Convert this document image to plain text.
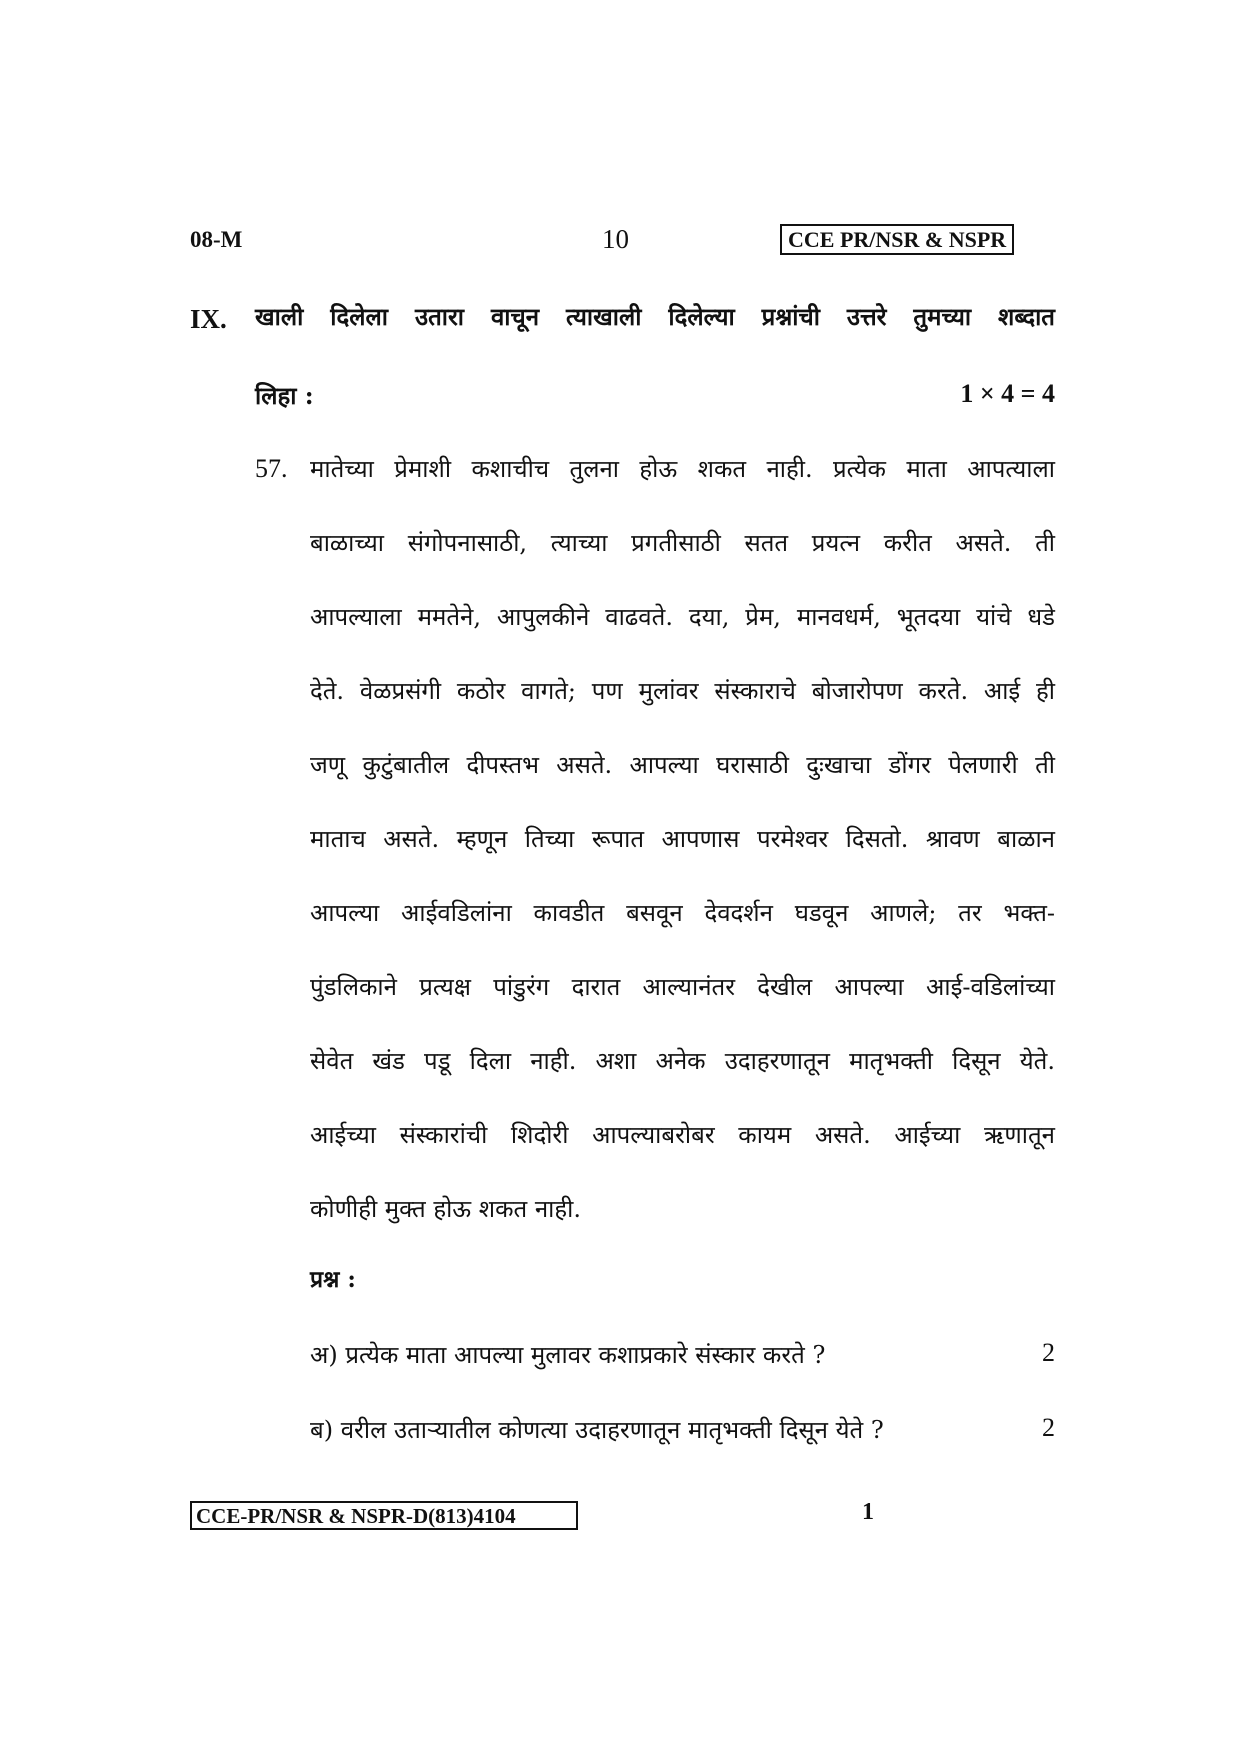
08-M	10	CCE PR/NSR & NSPR
IX. खाली दिलेला उतारा वाचून त्याखाली दिलेल्या प्रश्नांची उत्तरे तुमच्या शब्दात
लिहा :	1 × 4 = 4
57. मातेच्या प्रेमाशी कशाचीच तुलना होऊ शकत नाही. प्रत्येक माता आपत्याला
बाळाच्या संगोपनासाठी, त्याच्या प्रगतीसाठी सतत प्रयत्न करीत असते. ती
आपल्याला ममतेने, आपुलकीने वाढवते. दया, प्रेम, मानवधर्म, भूतदया यांचे धडे
देते. वेळप्रसंगी कठोर वागते; पण मुलांवर संस्काराचे बोजारोपण करते. आई ही
जणू कुटुंबातील दीपस्तभ असते. आपल्या घरासाठी दुःखाचा डोंगर पेलणारी ती
माताच असते. म्हणून तिच्या रूपात आपणास परमेश्वर दिसतो. श्रावण बाळान
आपल्या आईवडिलांना कावडीत बसवून देवदर्शन घडवून आणले; तर भक्त-
पुंडलिकाने प्रत्यक्ष पांडुरंग दारात आल्यानंतर देखील आपल्या आई-वडिलांच्या
सेवेत खंड पडू दिला नाही. अशा अनेक उदाहरणातून मातृभक्ती दिसून येते.
आईच्या संस्कारांची शिदोरी आपल्याबरोबर कायम असते. आईच्या ऋणातून
कोणीही मुक्त होऊ शकत नाही.
प्रश्न :
अ) प्रत्येक माता आपल्या मुलावर कशाप्रकारे संस्कार करते ?	2
ब) वरील उताऱ्यातील कोणत्या उदाहरणातून मातृभक्ती दिसून येते ?	2
CCE-PR/NSR & NSPR-D(813)4104	1
